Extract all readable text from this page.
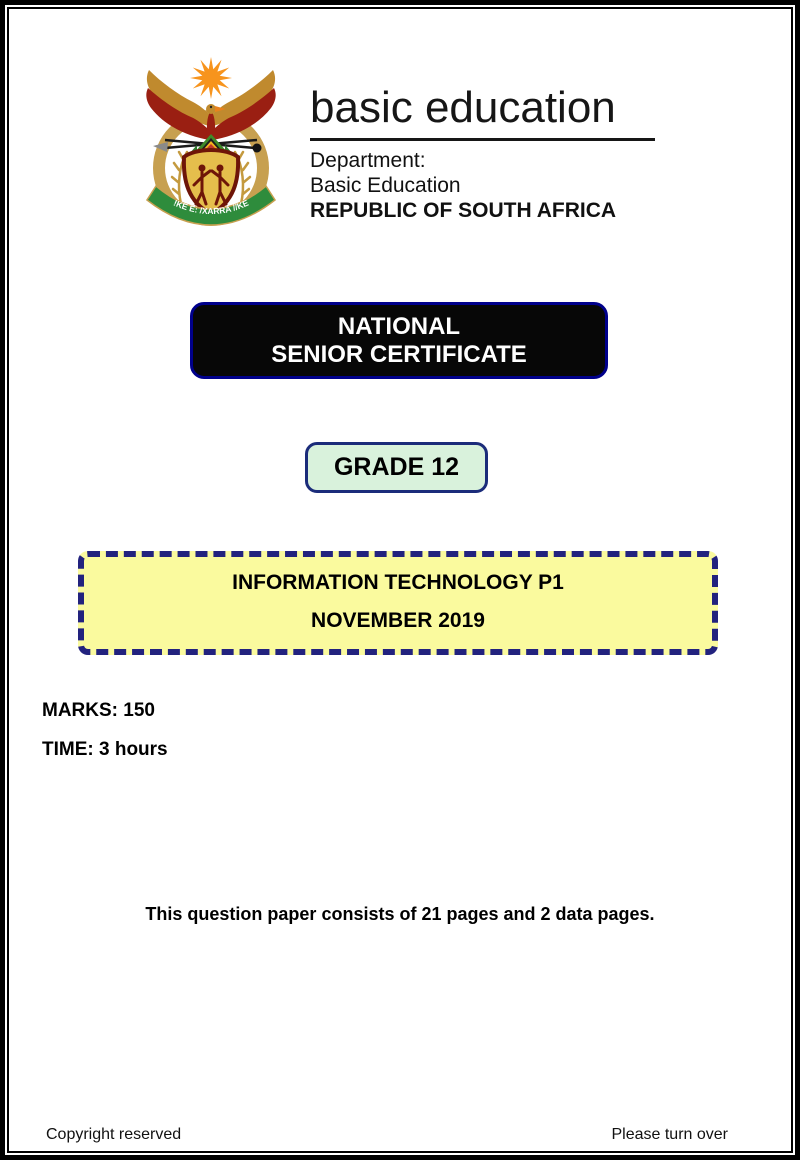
!KE E: /XARRA //KE
basic education
Department:
Basic Education
REPUBLIC OF SOUTH AFRICA
NATIONAL
SENIOR CERTIFICATE
GRADE 12
INFORMATION TECHNOLOGY P1
NOVEMBER 2019
MARKS: 150
TIME: 3 hours
This question paper consists of 21 pages and 2 data pages.
Copyright reserved	Please turn over
